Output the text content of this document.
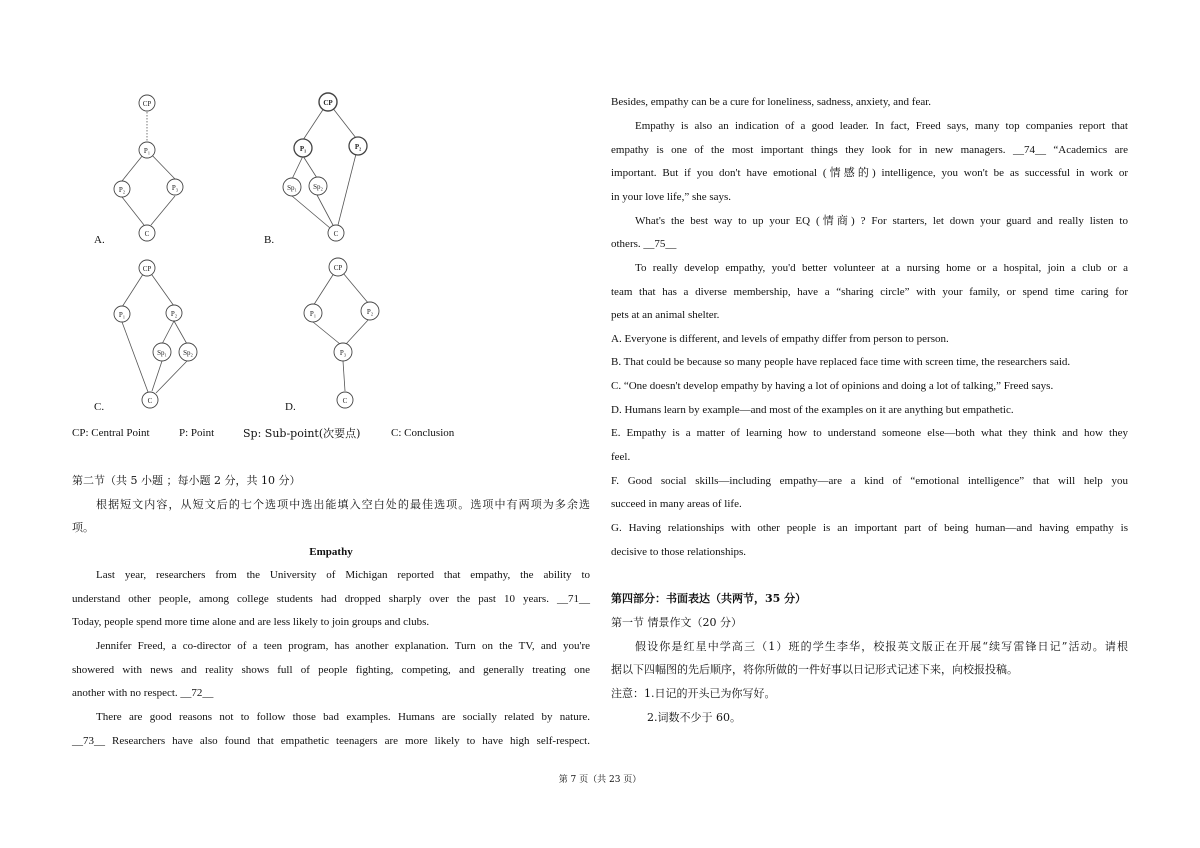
CP
P₁
P₂	P₃
C
CP
P₁	P₂
Sp₁ Sp₂
C
CP
P₁	P₂
Sp₁ Sp₂
C
CP
P₁	P₂
P₃
C
A.	B.
C.	D.
CP: Central Point	P: Point	Sp: Sub-point(次要点)	C: Conclusion
第二节（共 5 小题 ；每小题 2 分，共 10 分）
根据短文内容，从短文后的七个选项中选出能填入空白处的最佳选项。选项中有两项为多余选
项。
Empathy
Last year, researchers from the University of Michigan reported that empathy, the ability to
understand other people, among college students had dropped sharply over the past 10 years. __71__
Today, people spend more time alone and are less likely to join groups and clubs.
Jennifer Freed, a co-director of a teen program, has another explanation. Turn on the TV, and you're
showered with news and reality shows full of people fighting, competing, and generally treating one
another with no respect. __72__
There are good reasons not to follow those bad examples. Humans are socially related by nature.
__73__ Researchers have also found that empathetic teenagers are more likely to have high self-respect.
Besides, empathy can be a cure for loneliness, sadness, anxiety, and fear.
Empathy is also an indication of a good leader. In fact, Freed says, many top companies report that
empathy is one of the most important things they look for in new managers. __74__ “Academics are
important. But if you don't have emotional (情感的) intelligence, you won't be as successful in work or
in your love life,” she says.
What's the best way to up your EQ (情商) ? For starters, let down your guard and really listen to
others. __75__
To really develop empathy, you'd better volunteer at a nursing home or a hospital, join a club or a
team that has a diverse membership, have a “sharing circle” with your family, or spend time caring for
pets at an animal shelter.
A. Everyone is different, and levels of empathy differ from person to person.
B. That could be because so many people have replaced face time with screen time, the researchers said.
C. “One doesn't develop empathy by having a lot of opinions and doing a lot of talking,” Freed says.
D. Humans learn by example—and most of the examples on it are anything but empathetic.
E. Empathy is a matter of learning how to understand someone else—both what they think and how they
feel.
F. Good social skills—including empathy—are a kind of “emotional intelligence” that will help you
succeed in many areas of life.
G. Having relationships with other people is an important part of being human—and having empathy is
decisive to those relationships.
第四部分：书面表达（共两节，35 分）
第一节 情景作文（20 分）
假设你是红星中学高三（1）班的学生李华，校报英文版正在开展“续写雷锋日记”活动。请根
据以下四幅图的先后顺序，将你所做的一件好事以日记形式记述下来，向校报投稿。
注意：1.日记的开头已为你写好。
2.词数不少于 60。
第 7 页（共 23 页）
